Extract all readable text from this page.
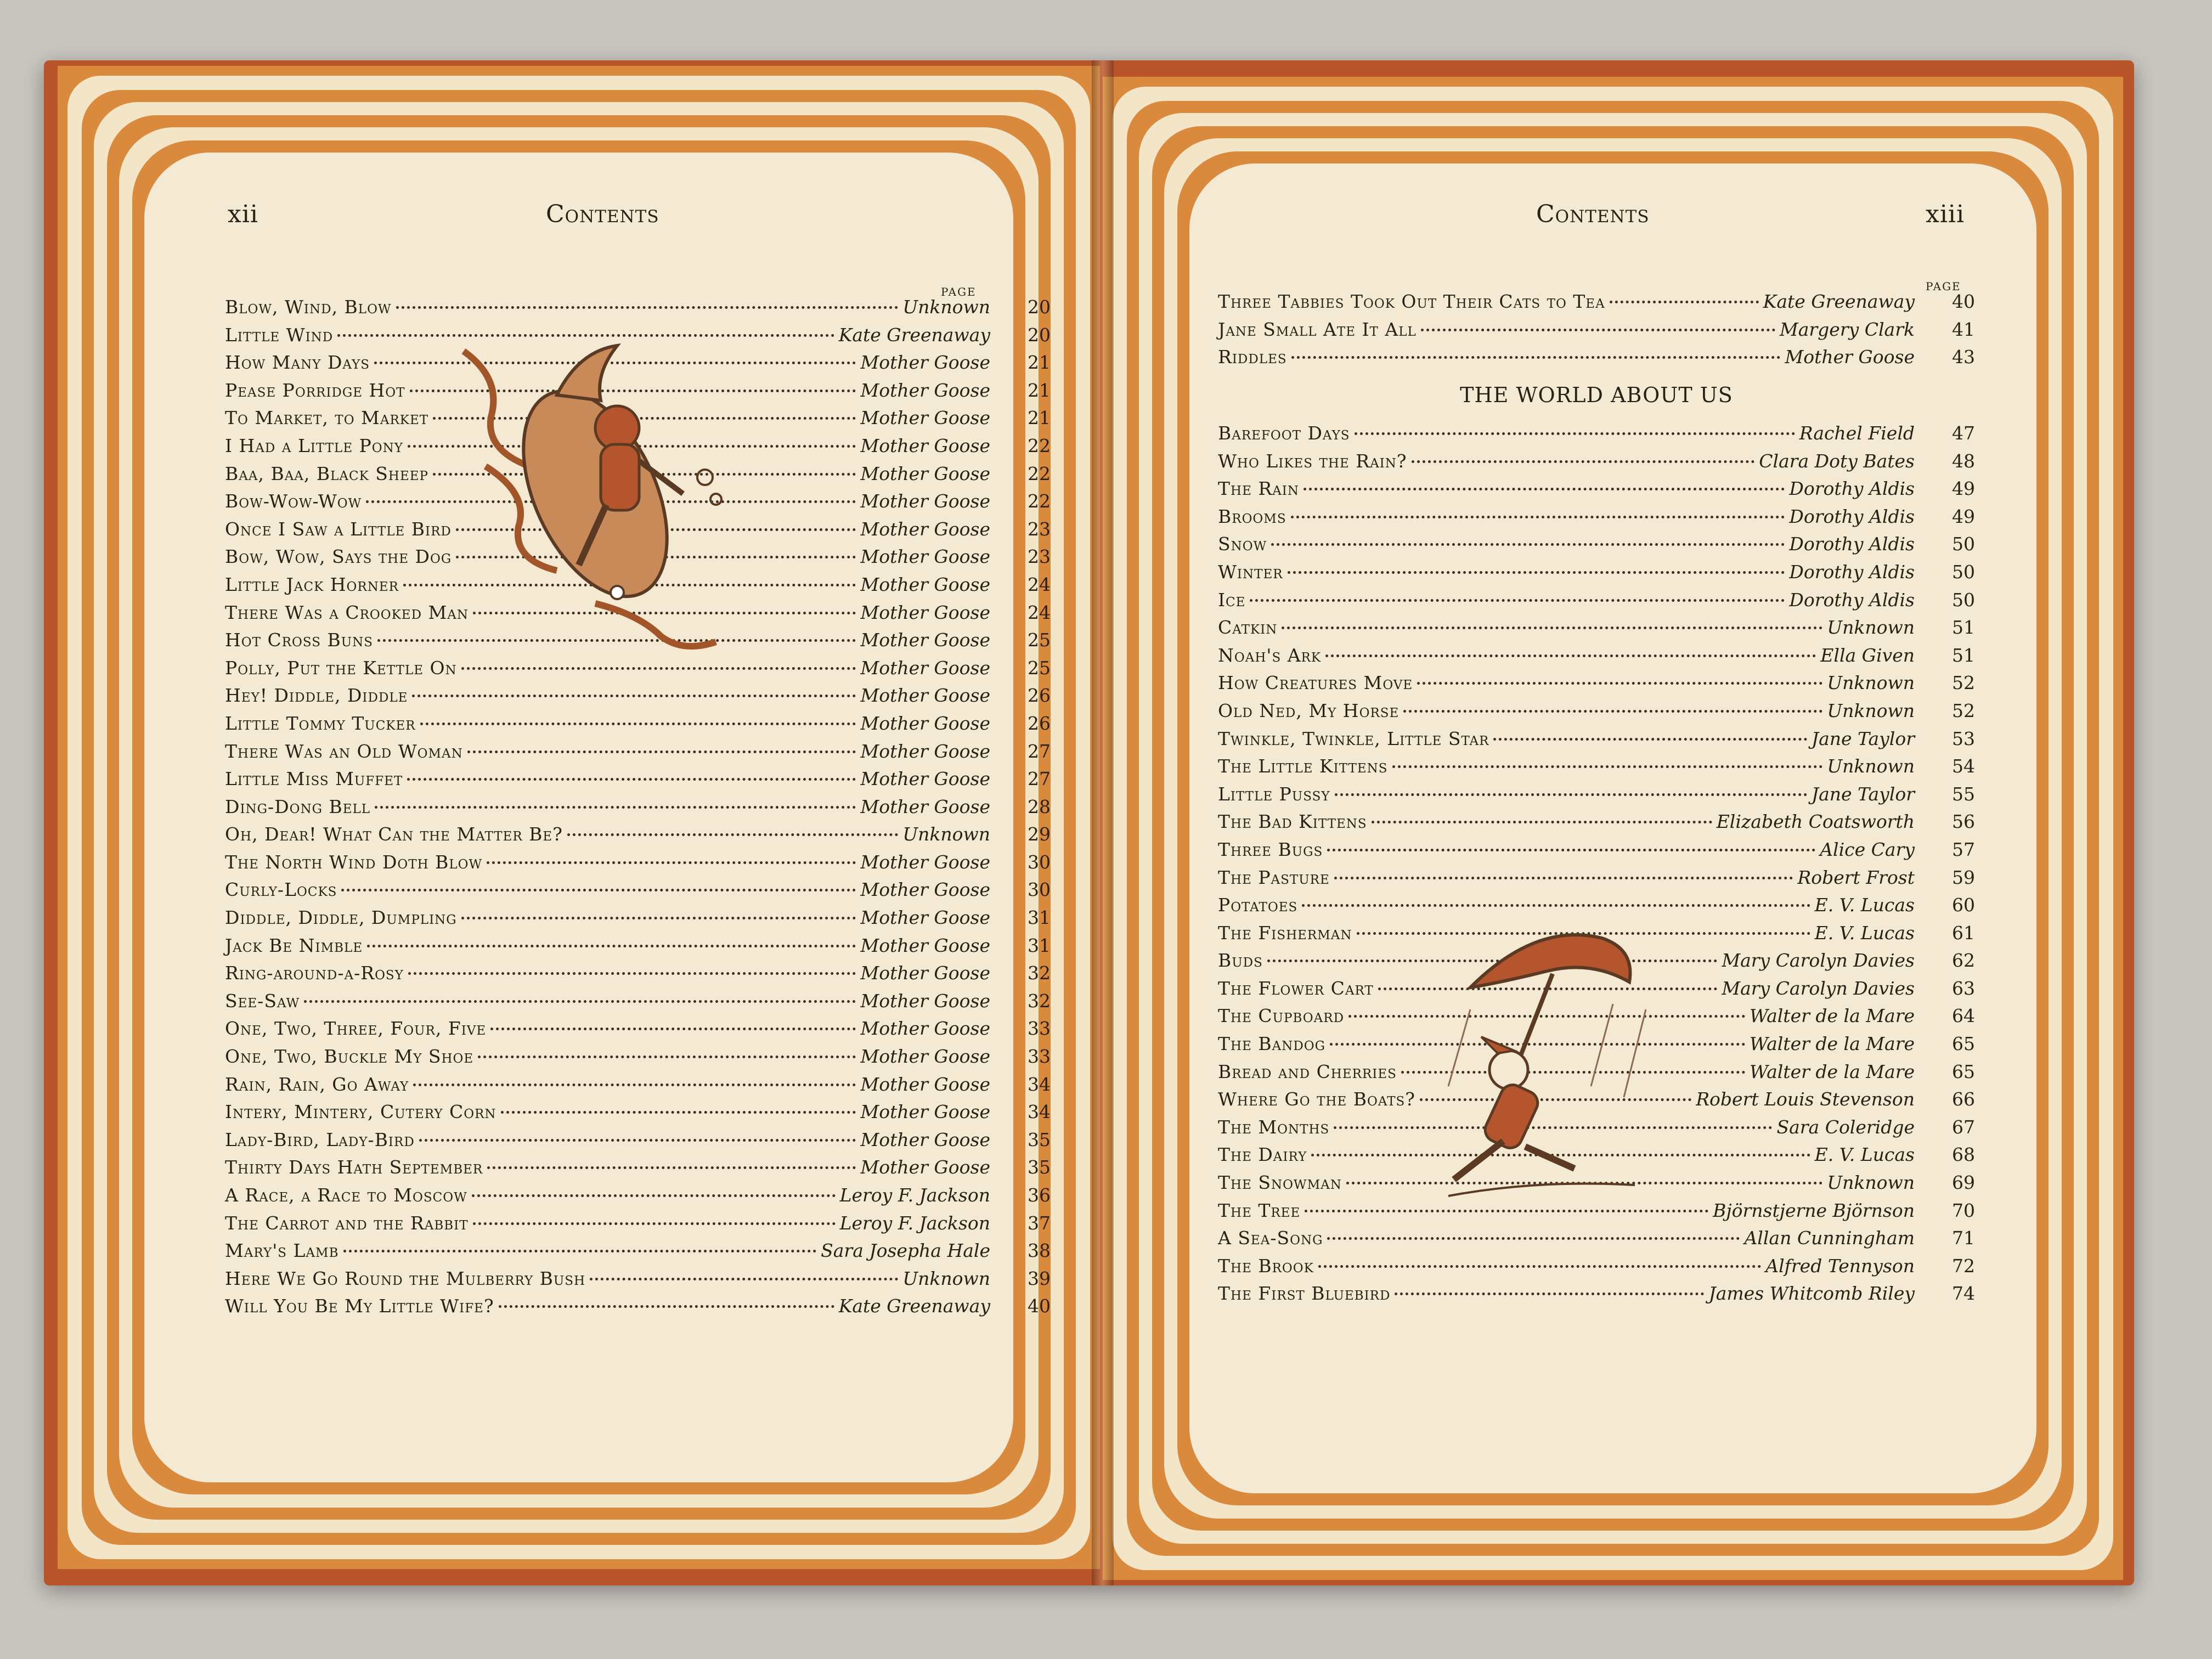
xii	Contents
PAGE
Blow, Wind, Blow	Unknown	20
Little Wind	Kate Greenaway	20
How Many Days	Mother Goose	21
Pease Porridge Hot	Mother Goose	21
To Market, to Market	Mother Goose	21
I Had a Little Pony	Mother Goose	22
Baa, Baa, Black Sheep	Mother Goose	22
Bow-Wow-Wow	Mother Goose	22
Once I Saw a Little Bird	Mother Goose	23
Bow, Wow, Says the Dog	Mother Goose	23
Little Jack Horner	Mother Goose	24
There Was a Crooked Man	Mother Goose	24
Hot Cross Buns	Mother Goose	25
Polly, Put the Kettle On	Mother Goose	25
Hey! Diddle, Diddle	Mother Goose	26
Little Tommy Tucker	Mother Goose	26
There Was an Old Woman	Mother Goose	27
Little Miss Muffet	Mother Goose	27
Ding-Dong Bell	Mother Goose	28
Oh, Dear! What Can the Matter Be?	Unknown	29
The North Wind Doth Blow	Mother Goose	30
Curly-Locks	Mother Goose	30
Diddle, Diddle, Dumpling	Mother Goose	31
Jack Be Nimble	Mother Goose	31
Ring-around-a-Rosy	Mother Goose	32
See-Saw	Mother Goose	32
One, Two, Three, Four, Five	Mother Goose	33
One, Two, Buckle My Shoe	Mother Goose	33
Rain, Rain, Go Away	Mother Goose	34
Intery, Mintery, Cutery Corn	Mother Goose	34
Lady-Bird, Lady-Bird	Mother Goose	35
Thirty Days Hath September	Mother Goose	35
A Race, a Race to Moscow	Leroy F. Jackson	36
The Carrot and the Rabbit	Leroy F. Jackson	37
Mary's Lamb	Sara Josepha Hale	38
Here We Go Round the Mulberry Bush	Unknown	39
Will You Be My Little Wife?	Kate Greenaway	40
Contents	xiii
PAGE
Three Tabbies Took Out Their Cats to Tea	Kate Greenaway	40
Jane Small Ate It All	Margery Clark	41
Riddles	Mother Goose	43
THE WORLD ABOUT US
Barefoot Days	Rachel Field	47
Who Likes the Rain?	Clara Doty Bates	48
The Rain	Dorothy Aldis	49
Brooms	Dorothy Aldis	49
Snow	Dorothy Aldis	50
Winter	Dorothy Aldis	50
Ice	Dorothy Aldis	50
Catkin	Unknown	51
Noah's Ark	Ella Given	51
How Creatures Move	Unknown	52
Old Ned, My Horse	Unknown	52
Twinkle, Twinkle, Little Star	Jane Taylor	53
The Little Kittens	Unknown	54
Little Pussy	Jane Taylor	55
The Bad Kittens	Elizabeth Coatsworth	56
Three Bugs	Alice Cary	57
The Pasture	Robert Frost	59
Potatoes	E. V. Lucas	60
The Fisherman	E. V. Lucas	61
Buds	Mary Carolyn Davies	62
The Flower Cart	Mary Carolyn Davies	63
The Cupboard	Walter de la Mare	64
The Bandog	Walter de la Mare	65
Bread and Cherries	Walter de la Mare	65
Where Go the Boats?	Robert Louis Stevenson	66
The Months	Sara Coleridge	67
The Dairy	E. V. Lucas	68
The Snowman	Unknown	69
The Tree	Björnstjerne Björnson	70
A Sea-Song	Allan Cunningham	71
The Brook	Alfred Tennyson	72
The First Bluebird	James Whitcomb Riley	74
